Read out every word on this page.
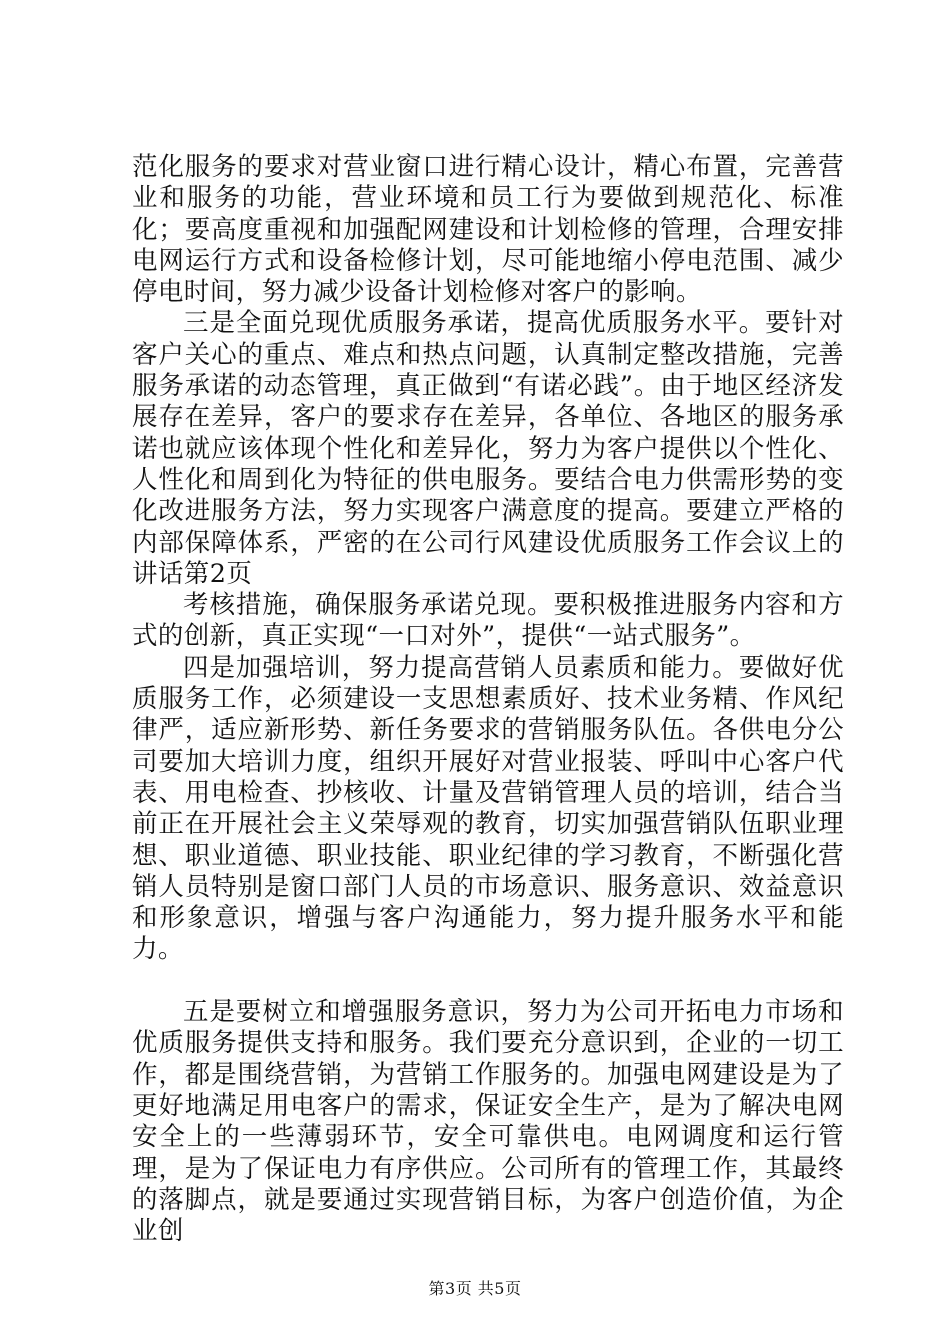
范化服务的要求对营业窗口进行精心设计，精心布置，完善营业和服务的功能，营业环境和员工行为要做到规范化、标准化；要高度重视和加强配网建设和计划检修的管理，合理安排电网运行方式和设备检修计划，尽可能地缩小停电范围、减少停电时间，努力减少设备计划检修对客户的影响。

三是全面兑现优质服务承诺，提高优质服务水平。要针对客户关心的重点、难点和热点问题，认真制定整改措施，完善服务承诺的动态管理，真正做到“有诺必践”。由于地区经济发展存在差异，客户的要求存在差异，各单位、各地区的服务承诺也就应该体现个性化和差异化，努力为客户提供以个性化、人性化和周到化为特征的供电服务。要结合电力供需形势的变化改进服务方法，努力实现客户满意度的提高。要建立严格的内部保障体系，严密的在公司行风建设优质服务工作会议上的讲话第2页

考核措施，确保服务承诺兑现。要积极推进服务内容和方式的创新，真正实现“一口对外”，提供“一站式服务”。

四是加强培训，努力提高营销人员素质和能力。要做好优质服务工作，必须建设一支思想素质好、技术业务精、作风纪律严，适应新形势、新任务要求的营销服务队伍。各供电分公司要加大培训力度，组织开展好对营业报装、呼叫中心客户代表、用电检查、抄核收、计量及营销管理人员的培训，结合当前正在开展社会主义荣辱观的教育，切实加强营销队伍职业理想、职业道德、职业技能、职业纪律的学习教育，不断强化营销人员特别是窗口部门人员的市场意识、服务意识、效益意识和形象意识，增强与客户沟通能力，努力提升服务水平和能力。

五是要树立和增强服务意识，努力为公司开拓电力市场和优质服务提供支持和服务。我们要充分意识到，企业的一切工作，都是围绕营销，为营销工作服务的。加强电网建设是为了更好地满足用电客户的需求，保证安全生产，是为了解决电网安全上的一些薄弱环节，安全可靠供电。电网调度和运行管理，是为了保证电力有序供应。公司所有的管理工作，其最终的落脚点，就是要通过实现营销目标，为客户创造价值，为企业创

第3页 共5页
